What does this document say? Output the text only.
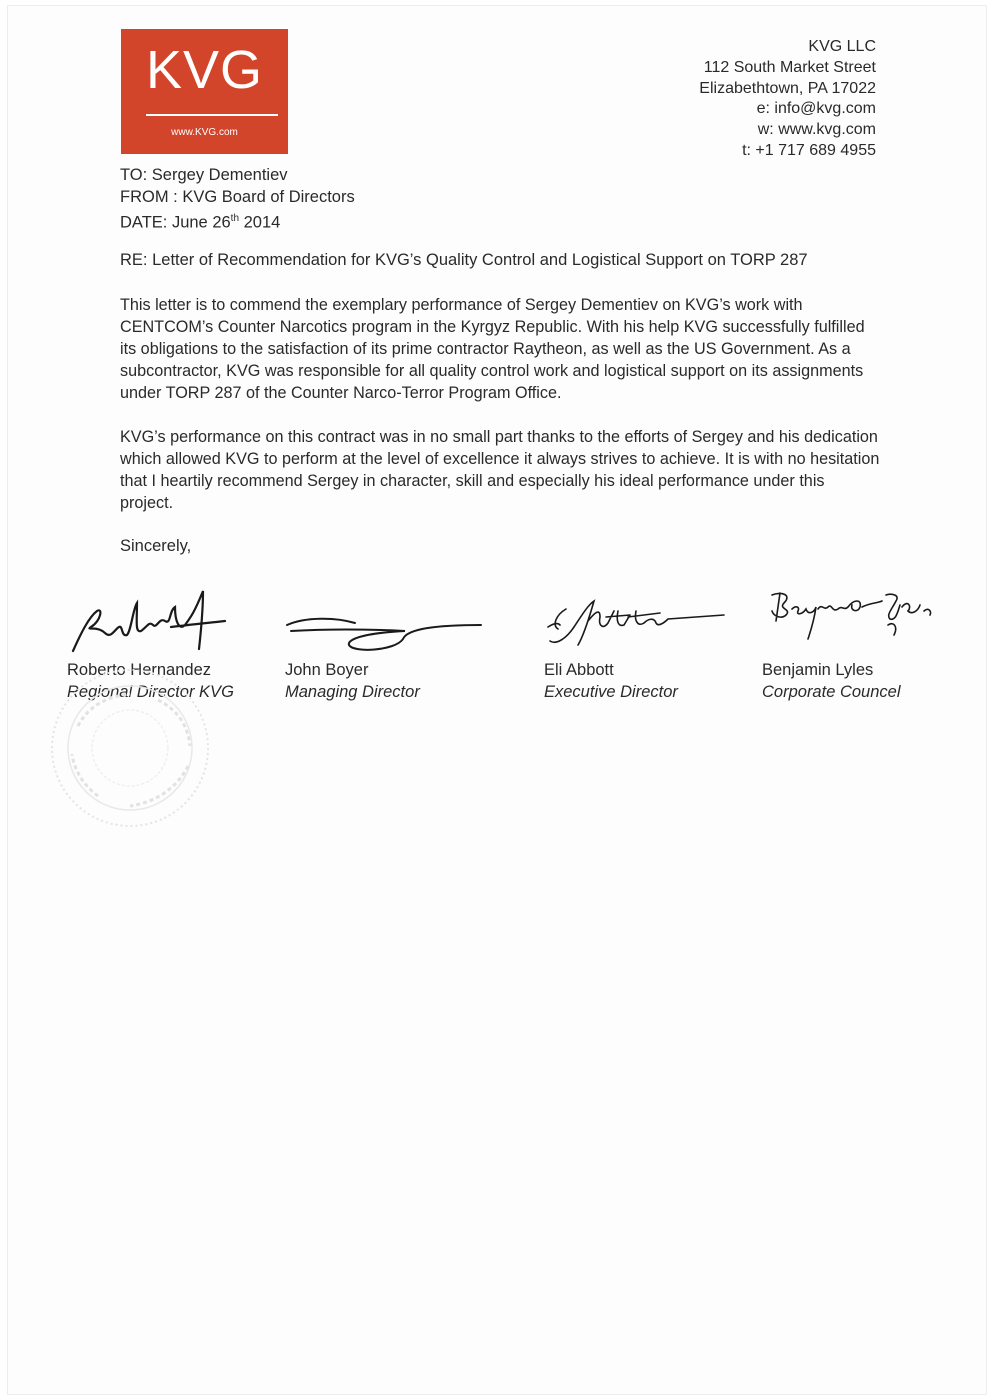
KVG
www.KVG.com
KVG LLC
112 South Market Street
Elizabethtown, PA 17022
e: info@kvg.com
w: www.kvg.com
t: +1 717 689 4955
TO: Sergey Dementiev
FROM : KVG Board of Directors
DATE: June 26th 2014
RE: Letter of Recommendation for KVG’s Quality Control and Logistical Support on TORP 287
This letter is to commend the exemplary performance of Sergey Dementiev on KVG’s work with CENTCOM’s Counter Narcotics program in the Kyrgyz Republic. With his help KVG successfully fulfilled its obligations to the satisfaction of its prime contractor Raytheon, as well as the US Government. As a subcontractor, KVG was responsible for all quality control work and logistical support on its assignments under TORP 287 of the Counter Narco-Terror Program Office.
KVG’s performance on this contract was in no small part thanks to the efforts of Sergey and his dedication which allowed KVG to perform at the level of excellence it always strives to achieve. It is with no hesitation that I heartily recommend Sergey in character, skill and especially his ideal performance under this project.
Sincerely,
Roberto Hernandez
Regional Director KVG
John Boyer
Managing Director
Eli Abbott
Executive Director
Benjamin Lyles
Corporate Councel
